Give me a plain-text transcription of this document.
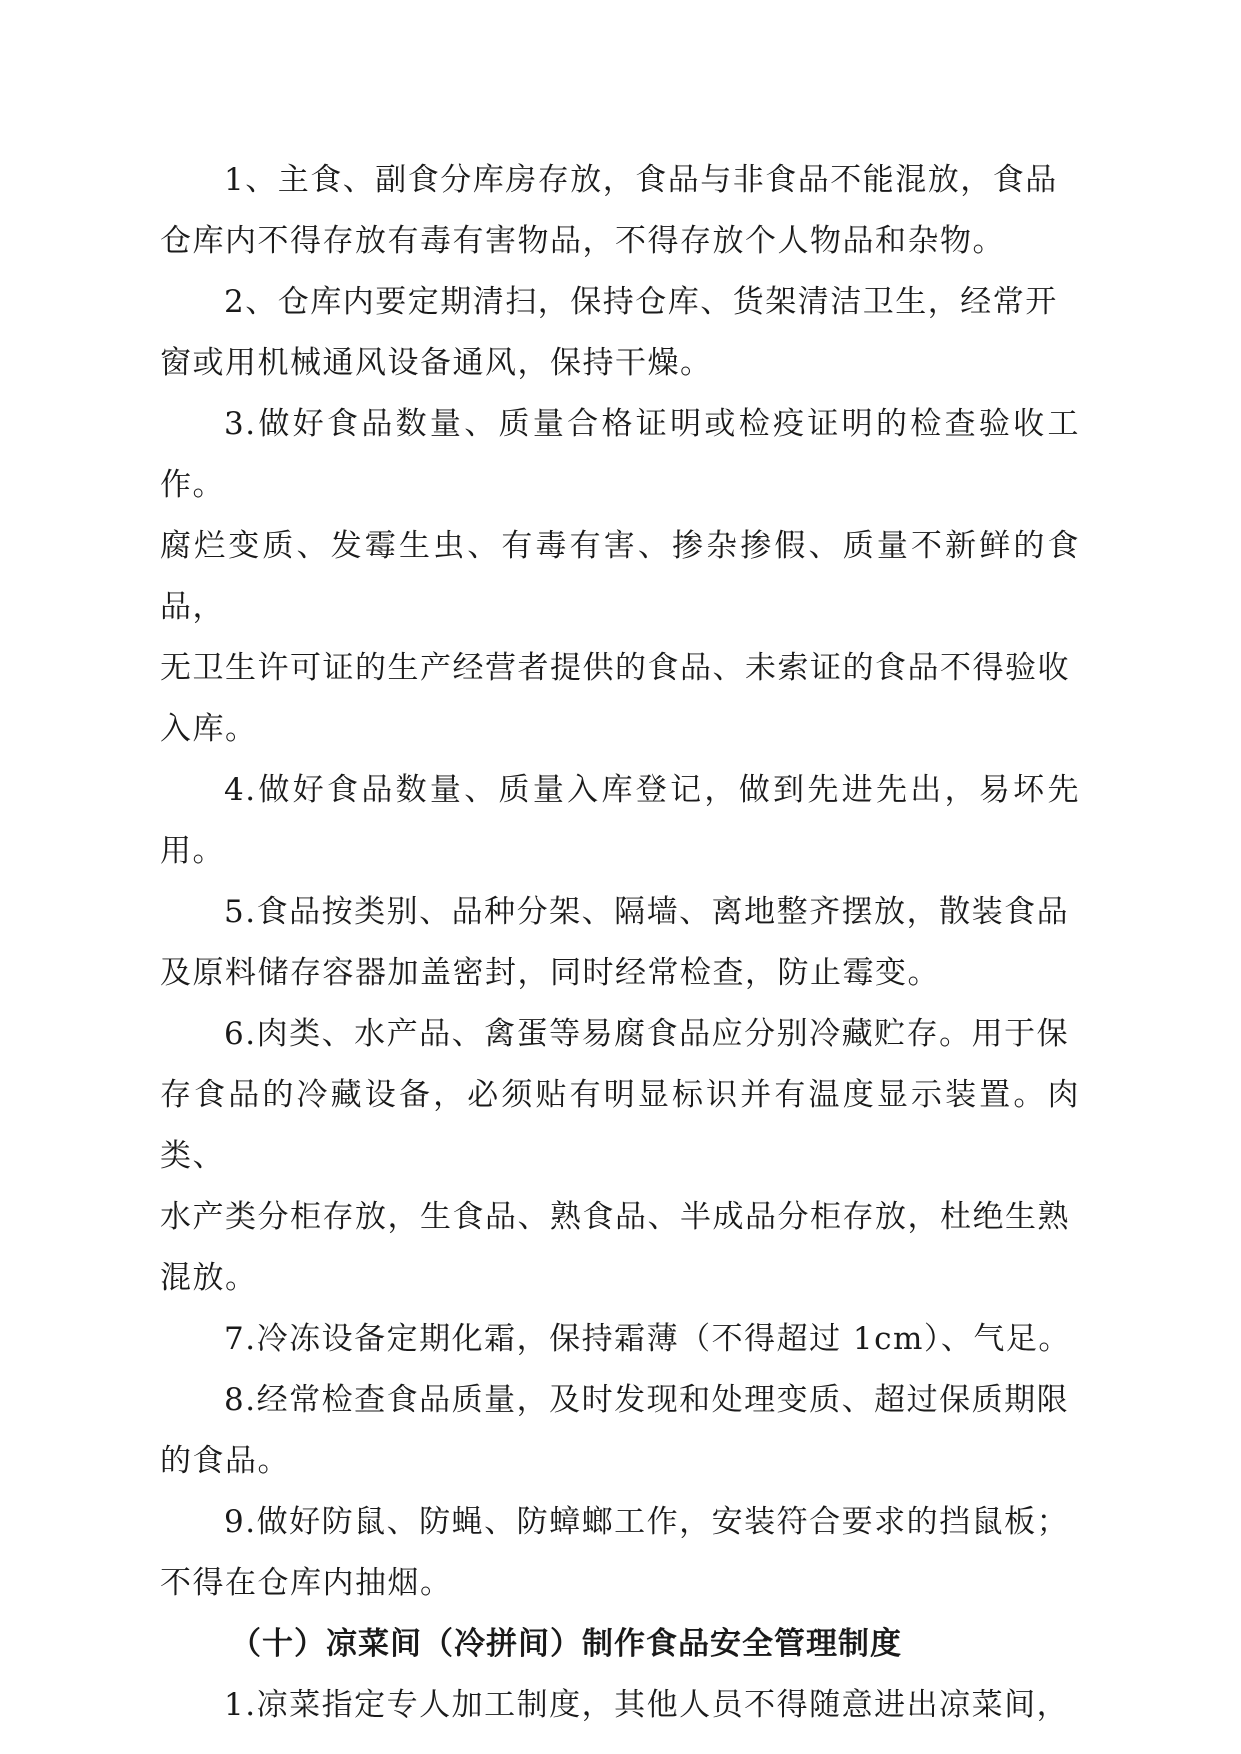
1、主食、副食分库房存放，食品与非食品不能混放，食品
仓库内不得存放有毒有害物品，不得存放个人物品和杂物。

2、仓库内要定期清扫，保持仓库、货架清洁卫生，经常开
窗或用机械通风设备通风，保持干燥。

3.做好食品数量、质量合格证明或检疫证明的检查验收工作。
腐烂变质、发霉生虫、有毒有害、掺杂掺假、质量不新鲜的食品，
无卫生许可证的生产经营者提供的食品、未索证的食品不得验收
入库。

4.做好食品数量、质量入库登记，做到先进先出，易坏先用。

5.食品按类别、品种分架、隔墙、离地整齐摆放，散装食品
及原料储存容器加盖密封，同时经常检查，防止霉变。

6.肉类、水产品、禽蛋等易腐食品应分别冷藏贮存。用于保
存食品的冷藏设备，必须贴有明显标识并有温度显示装置。肉类、
水产类分柜存放，生食品、熟食品、半成品分柜存放，杜绝生熟
混放。

7.冷冻设备定期化霜，保持霜薄（不得超过 1cm）、气足。

8.经常检查食品质量，及时发现和处理变质、超过保质期限
的食品。

9.做好防鼠、防蝇、防蟑螂工作，安装符合要求的挡鼠板；
不得在仓库内抽烟。

（十）凉菜间（冷拼间）制作食品安全管理制度

1.凉菜指定专人加工制度，其他人员不得随意进出凉菜间，
